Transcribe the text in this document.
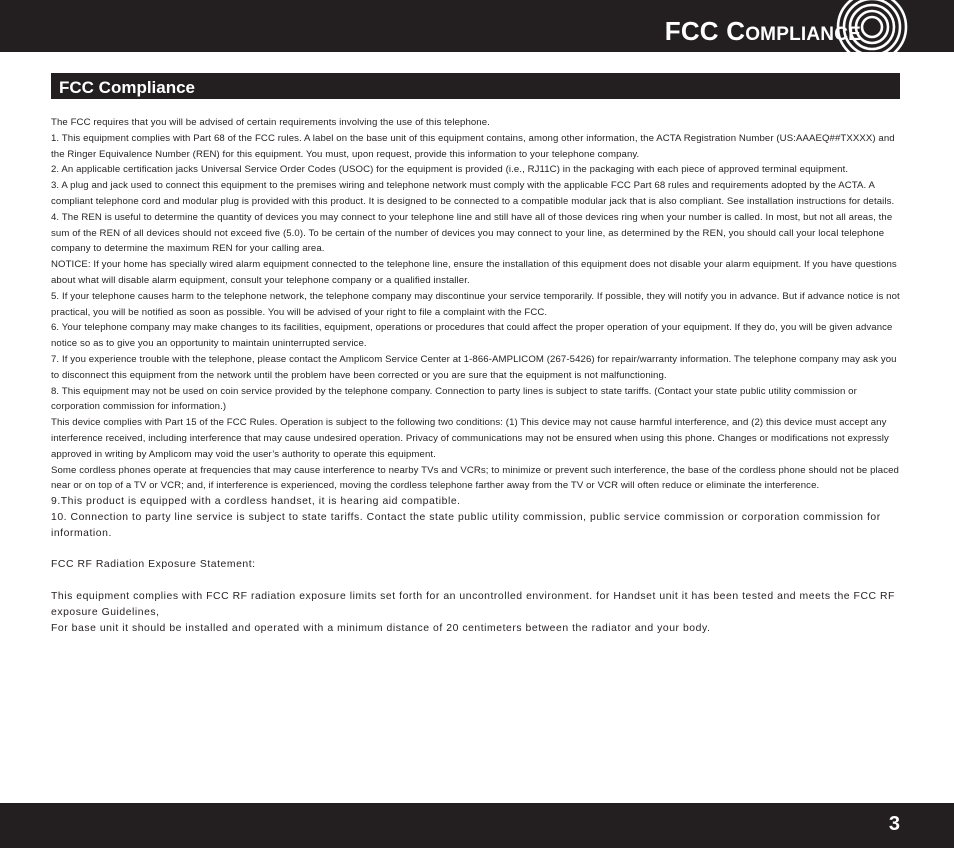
FCC COMPLIANCE
FCC Compliance

The FCC requires that you will be advised of certain requirements involving the use of this telephone.

1. This equipment complies with Part 68 of the FCC rules. A label on the base unit of this equipment contains, among other information, the ACTA Registration Number (US:AAAEQ##TXXXX) and the Ringer Equivalence Number (REN) for this equipment. You must, upon request, provide this information to your telephone company.

2. An applicable certification jacks Universal Service Order Codes (USOC) for the equipment is provided (i.e., RJ11C) in the packaging with each piece of approved terminal equipment.

3. A plug and jack used to connect this equipment to the premises wiring and telephone network must comply with the applicable FCC Part 68 rules and requirements adopted by the ACTA. A compliant telephone cord and modular plug is provided with this product. It is designed to be connected to a compatible modular jack that is also compliant. See installation instructions for details.

4. The REN is useful to determine the quantity of devices you may connect to your telephone line and still have all of those devices ring when your number is called. In most, but not all areas, the sum of the REN of all devices should not exceed five (5.0). To be certain of the number of devices you may connect to your line, as determined by the REN, you should call your local telephone company to determine the maximum REN for your calling area.

NOTICE: If your home has specially wired alarm equipment connected to the telephone line, ensure the installation of this equipment does not disable your alarm equipment. If you have questions about what will disable alarm equipment, consult your telephone company or a qualified installer.

5. If your telephone causes harm to the telephone network, the telephone company may discontinue your service temporarily. If possible, they will notify you in advance. But if advance notice is not practical, you will be notified as soon as possible. You will be advised of your right to file a complaint with the FCC.

6. Your telephone company may make changes to its facilities, equipment, operations or procedures that could affect the proper operation of your equipment. If they do, you will be given advance notice so as to give you an opportunity to maintain uninterrupted service.

7. If you experience trouble with the telephone, please contact the Amplicom Service Center at 1-866-AMPLICOM (267-5426) for repair/warranty information. The telephone company may ask you to disconnect this equipment from the network until the problem have been corrected or you are sure that the equipment is not malfunctioning.

8. This equipment may not be used on coin service provided by the telephone company. Connection to party lines is subject to state tariffs. (Contact your state public utility commission or corporation commission for information.)

This device complies with Part 15 of the FCC Rules. Operation is subject to the following two conditions: (1) This device may not cause harmful interference, and (2) this device must accept any interference received, including interference that may cause undesired operation. Privacy of communications may not be ensured when using this phone. Changes or modifications not expressly approved in writing by Amplicom may void the user’s authority to operate this equipment.

Some cordless phones operate at frequencies that may cause interference to nearby TVs and VCRs; to minimize or prevent such interference, the base of the cordless phone should not be placed near or on top of a TV or VCR; and, if interference is experienced, moving the cordless telephone farther away from the TV or VCR will often reduce or eliminate the interference.

9.This product is equipped with a cordless handset, it is hearing aid compatible.

10. Connection to party line service is subject to state tariffs. Contact the state public utility commission, public service commission or corporation commission for information.

FCC RF Radiation Exposure Statement:

This equipment complies with FCC RF radiation exposure limits set forth for an uncontrolled environment. for Handset unit it has been tested and meets the FCC RF exposure Guidelines,

For base unit it should be installed and operated with a minimum distance of 20 centimeters between the radiator and your body.

3
